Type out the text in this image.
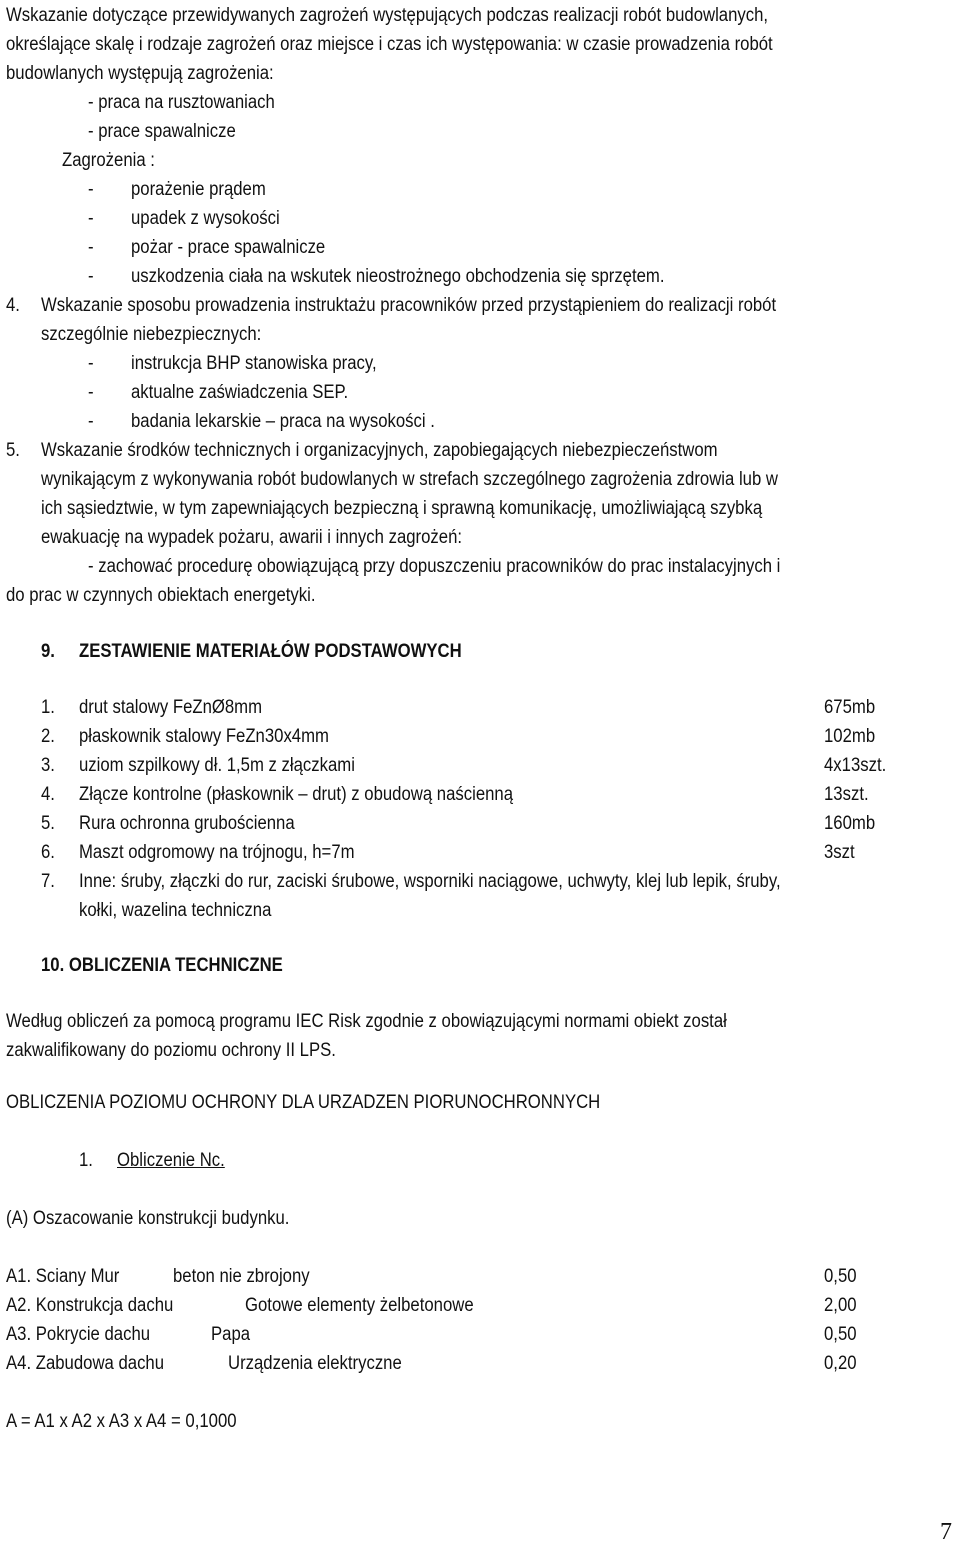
Wskazanie dotyczące przewidywanych zagrożeń występujących podczas realizacji robót budowlanych,
określające skalę i rodzaje zagrożeń oraz miejsce i czas ich występowania: w czasie prowadzenia robót
budowlanych występują zagrożenia:
- praca na rusztowaniach
- prace spawalnicze
Zagrożenia :
- porażenie prądem
- upadek z wysokości
- pożar - prace spawalnicze
- uszkodzenia ciała na wskutek nieostrożnego obchodzenia się sprzętem.
4. Wskazanie sposobu prowadzenia instruktażu pracowników przed przystąpieniem do realizacji robót
szczególnie niebezpiecznych:
- instrukcja BHP stanowiska pracy,
- aktualne zaświadczenia SEP.
- badania lekarskie – praca na wysokości .
5. Wskazanie środków technicznych i organizacyjnych, zapobiegających niebezpieczeństwom
wynikającym z wykonywania robót budowlanych w strefach szczególnego zagrożenia zdrowia lub w
ich sąsiedztwie, w tym zapewniających bezpieczną i sprawną komunikację, umożliwiającą szybką
ewakuację na wypadek pożaru, awarii i innych zagrożeń:
- zachować procedurę obowiązującą przy dopuszczeniu pracowników do prac instalacyjnych i
do prac w czynnych obiektach energetyki.
9. ZESTAWIENIE MATERIAŁÓW PODSTAWOWYCH
1. drut stalowy FeZnØ8mm	675mb
2. płaskownik stalowy FeZn30x4mm	102mb
3. uziom szpilkowy dł. 1,5m z złączkami	4x13szt.
4. Złącze kontrolne (płaskownik – drut) z obudową naścienną	13szt.
5. Rura ochronna grubościenna	160mb
6. Maszt odgromowy na trójnogu, h=7m	3szt
7. Inne: śruby, złączki do rur, zaciski śrubowe, wsporniki naciągowe, uchwyty, klej lub lepik, śruby,
kołki, wazelina techniczna
10. OBLICZENIA TECHNICZNE
Według obliczeń za pomocą programu IEC Risk zgodnie z obowiązującymi normami obiekt został
zakwalifikowany do poziomu ochrony II LPS.
OBLICZENIA POZIOMU OCHRONY DLA URZADZEN PIORUNOCHRONNYCH
1. Obliczenie Nc.
(A) Oszacowanie konstrukcji budynku.
A1. Sciany Mur	beton nie zbrojony	0,50
A2. Konstrukcja dachu	Gotowe elementy żelbetonowe	2,00
A3. Pokrycie dachu	Papa	0,50
A4. Zabudowa dachu	Urządzenia elektryczne	0,20
A = A1 x A2 x A3 x A4 = 0,1000
7
